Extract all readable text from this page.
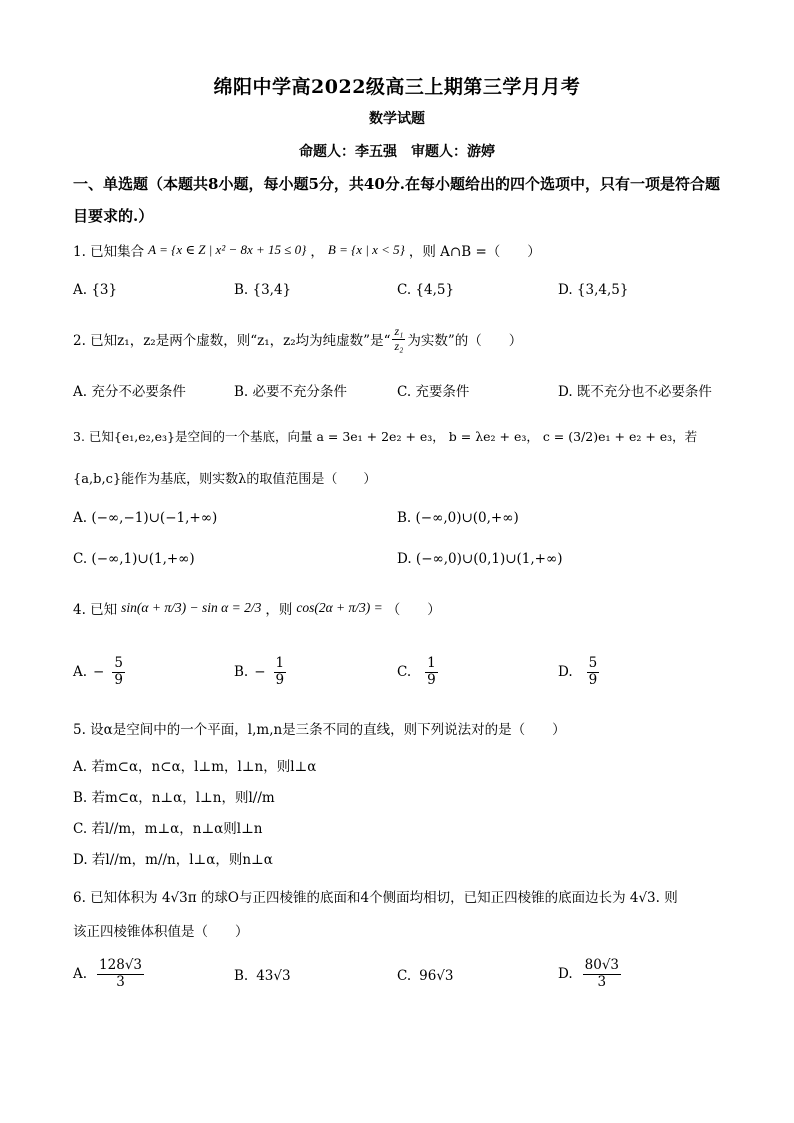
绵阳中学高2022级高三上期第三学月月考
数学试题
命题人：李五强　审题人：游婷
一、单选题（本题共8小题，每小题5分，共40分.在每小题给出的四个选项中，只有一项是符合题目要求的.）
1. 已知集合 A = {x ∈ Z | x² − 8x + 15 ≤ 0} ， B = {x | x < 5} ，则 A∩B =（　　）
A. {3}	B. {3,4}	C. {4,5}	D. {3,4,5}
2. 已知z₁，z₂是两个虚数，则“z₁，z₂均为纯虚数”是“ $\frac{\text{z₁}}{\text{z₂}}$ 为实数”的（　　）
A. 充分不必要条件	B. 必要不充分条件	C. 充要条件	D. 既不充分也不必要条件
3. 已知{e₁,e₂,e₃}是空间的一个基底，向量 a = 3e₁ + 2e₂ + e₃， b = λe₂ + e₃， c = (3/2)e₁ + e₂ + e₃，若
{a,b,c}能作为基底，则实数λ的取值范围是（　　）
A. (−∞,−1)∪(−1,+∞)	B. (−∞,0)∪(0,+∞)
C. (−∞,1)∪(1,+∞)	D. (−∞,0)∪(0,1)∪(1,+∞)
4. 已知 sin(α + π/3) − sin α = 2/3 ，则 cos(2α + π/3) = （　　）
A. − $\frac{5}{9}$	B. − $\frac{1}{9}$	C. $\frac{1}{9}$	D. $\frac{5}{9}$
5. 设α是空间中的一个平面，l,m,n是三条不同的直线，则下列说法对的是（　　）
A. 若m⊂α，n⊂α，l⊥m，l⊥n，则l⊥α
B. 若m⊂α，n⊥α，l⊥n，则l//m
C. 若l//m，m⊥α，n⊥α则l⊥n
D. 若l//m，m//n，l⊥α，则n⊥α
6. 已知体积为 4√3π 的球O与正四棱锥的底面和4个侧面均相切，已知正四棱锥的底面边长为 4√3. 则
该正四棱锥体积值是（　　）
A. $\frac{128√3}{3}$	B. 43√3	C. 96√3	D. $\frac{80√3}{3}$
